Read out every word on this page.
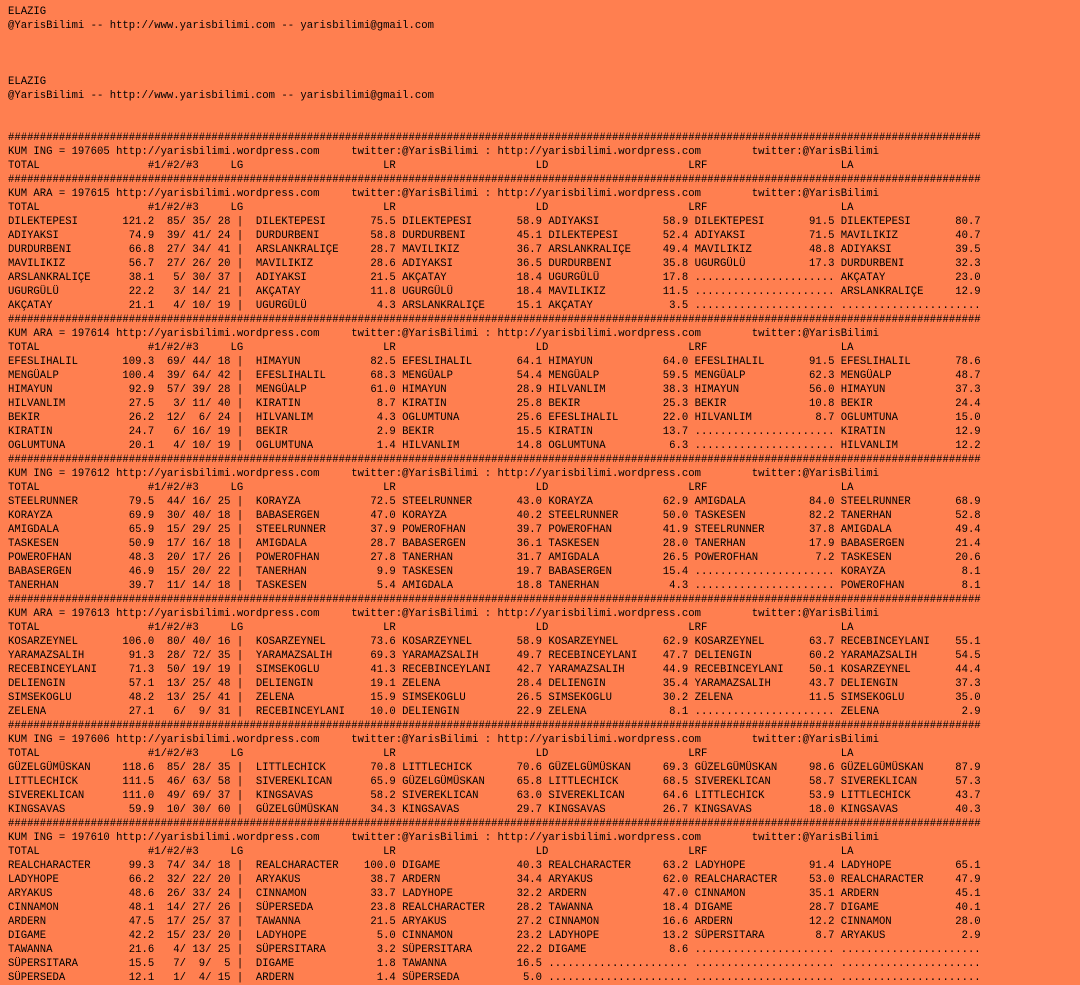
ELAZIG
@YarisBilimi -- http://www.yarisbilimi.com -- yarisbilimi@gmail.com
ELAZIG
@YarisBilimi -- http://www.yarisbilimi.com -- yarisbilimi@gmail.com
#########################################################################################################################################################
KUM ING = 197605 http://yarisbilimi.wordpress.com     twitter:@YarisBilimi : http://yarisbilimi.wordpress.com        twitter:@YarisBilimi
TOTAL                 #1/#2/#3     LG                      LR                      LD                      LRF                     LA
#########################################################################################################################################################
KUM ARA = 197615 http://yarisbilimi.wordpress.com     twitter:@YarisBilimi : http://yarisbilimi.wordpress.com        twitter:@YarisBilimi
TOTAL                 #1/#2/#3     LG                      LR                      LD                      LRF                     LA
DILEKTEPESI       121.2  85/ 35/ 28 |  DILEKTEPESI       75.5 DILEKTEPESI       58.9 ADIYAKSI          58.9 DILEKTEPESI       91.5 DILEKTEPESI       80.7
ADIYAKSI           74.9  39/ 41/ 24 |  DURDURBENI        58.8 DURDURBENI        45.1 DILEKTEPESI       52.4 ADIYAKSI          71.5 MAVILIKIZ         40.7
DURDURBENI         66.8  27/ 34/ 41 |  ARSLANKRALIÇE     28.7 MAVILIKIZ         36.7 ARSLANKRALIÇE     49.4 MAVILIKIZ         48.8 ADIYAKSI          39.5
MAVILIKIZ          56.7  27/ 26/ 20 |  MAVILIKIZ         28.6 ADIYAKSI          36.5 DURDURBENI        35.8 UGURGÜLÜ          17.3 DURDURBENI        32.3
ARSLANKRALIÇE      38.1   5/ 30/ 37 |  ADIYAKSI          21.5 AKÇATAY           18.4 UGURGÜLÜ          17.8 ...................... AKÇATAY           23.0
UGURGÜLÜ           22.2   3/ 14/ 21 |  AKÇATAY           11.8 UGURGÜLÜ          18.4 MAVILIKIZ         11.5 ...................... ARSLANKRALIÇE     12.9
AKÇATAY            21.1   4/ 10/ 19 |  UGURGÜLÜ           4.3 ARSLANKRALIÇE     15.1 AKÇATAY            3.5 ...................... ......................
#########################################################################################################################################################
KUM ARA = 197614 http://yarisbilimi.wordpress.com     twitter:@YarisBilimi : http://yarisbilimi.wordpress.com        twitter:@YarisBilimi
TOTAL                 #1/#2/#3     LG                      LR                      LD                      LRF                     LA
EFESLIHALIL       109.3  69/ 44/ 18 |  HIMAYUN           82.5 EFESLIHALIL       64.1 HIMAYUN           64.0 EFESLIHALIL       91.5 EFESLIHALIL       78.6
MENGÜALP          100.4  39/ 64/ 42 |  EFESLIHALIL       68.3 MENGÜALP          54.4 MENGÜALP          59.5 MENGÜALP          62.3 MENGÜALP          48.7
HIMAYUN            92.9  57/ 39/ 28 |  MENGÜALP          61.0 HIMAYUN           28.9 HILVANLIM         38.3 HIMAYUN           56.0 HIMAYUN           37.3
HILVANLIM          27.5   3/ 11/ 40 |  KIRATIN            8.7 KIRATIN           25.8 BEKIR             25.3 BEKIR             10.8 BEKIR             24.4
BEKIR              26.2  12/  6/ 24 |  HILVANLIM          4.3 OGLUMTUNA         25.6 EFESLIHALIL       22.0 HILVANLIM          8.7 OGLUMTUNA         15.0
KIRATIN            24.7   6/ 16/ 19 |  BEKIR              2.9 BEKIR             15.5 KIRATIN           13.7 ...................... KIRATIN           12.9
OGLUMTUNA          20.1   4/ 10/ 19 |  OGLUMTUNA          1.4 HILVANLIM         14.8 OGLUMTUNA          6.3 ...................... HILVANLIM         12.2
#########################################################################################################################################################
KUM ING = 197612 http://yarisbilimi.wordpress.com     twitter:@YarisBilimi : http://yarisbilimi.wordpress.com        twitter:@YarisBilimi
TOTAL                 #1/#2/#3     LG                      LR                      LD                      LRF                     LA
STEELRUNNER        79.5  44/ 16/ 25 |  KORAYZA           72.5 STEELRUNNER       43.0 KORAYZA           62.9 AMIGDALA          84.0 STEELRUNNER       68.9
KORAYZA            69.9  30/ 40/ 18 |  BABASERGEN        47.0 KORAYZA           40.2 STEELRUNNER       50.0 TASKESEN          82.2 TANERHAN          52.8
AMIGDALA           65.9  15/ 29/ 25 |  STEELRUNNER       37.9 POWEROFHAN        39.7 POWEROFHAN        41.9 STEELRUNNER       37.8 AMIGDALA          49.4
TASKESEN           50.9  17/ 16/ 18 |  AMIGDALA          28.7 BABASERGEN        36.1 TASKESEN          28.0 TANERHAN          17.9 BABASERGEN        21.4
POWEROFHAN         48.3  20/ 17/ 26 |  POWEROFHAN        27.8 TANERHAN          31.7 AMIGDALA          26.5 POWEROFHAN         7.2 TASKESEN          20.6
BABASERGEN         46.9  15/ 20/ 22 |  TANERHAN           9.9 TASKESEN          19.7 BABASERGEN        15.4 ...................... KORAYZA            8.1
TANERHAN           39.7  11/ 14/ 18 |  TASKESEN           5.4 AMIGDALA          18.8 TANERHAN           4.3 ...................... POWEROFHAN         8.1
#########################################################################################################################################################
KUM ARA = 197613 http://yarisbilimi.wordpress.com     twitter:@YarisBilimi : http://yarisbilimi.wordpress.com        twitter:@YarisBilimi
TOTAL                 #1/#2/#3     LG                      LR                      LD                      LRF                     LA
KOSARZEYNEL       106.0  80/ 40/ 16 |  KOSARZEYNEL       73.6 KOSARZEYNEL       58.9 KOSARZEYNEL       62.9 KOSARZEYNEL       63.7 RECEBINCEYLANI    55.1
YARAMAZSALIH       91.3  28/ 72/ 35 |  YARAMAZSALIH      69.3 YARAMAZSALIH      49.7 RECEBINCEYLANI    47.7 DELIENGIN         60.2 YARAMAZSALIH      54.5
RECEBINCEYLANI     71.3  50/ 19/ 19 |  SIMSEKOGLU        41.3 RECEBINCEYLANI    42.7 YARAMAZSALIH      44.9 RECEBINCEYLANI    50.1 KOSARZEYNEL       44.4
DELIENGIN          57.1  13/ 25/ 48 |  DELIENGIN         19.1 ZELENA            28.4 DELIENGIN         35.4 YARAMAZSALIH      43.7 DELIENGIN         37.3
SIMSEKOGLU         48.2  13/ 25/ 41 |  ZELENA            15.9 SIMSEKOGLU        26.5 SIMSEKOGLU        30.2 ZELENA            11.5 SIMSEKOGLU        35.0
ZELENA             27.1   6/  9/ 31 |  RECEBINCEYLANI    10.0 DELIENGIN         22.9 ZELENA             8.1 ...................... ZELENA             2.9
#########################################################################################################################################################
KUM ING = 197606 http://yarisbilimi.wordpress.com     twitter:@YarisBilimi : http://yarisbilimi.wordpress.com        twitter:@YarisBilimi
TOTAL                 #1/#2/#3     LG                      LR                      LD                      LRF                     LA
GÜZELGÜMÜSKAN     118.6  85/ 28/ 35 |  LITTLECHICK       70.8 LITTLECHICK       70.6 GÜZELGÜMÜSKAN     69.3 GÜZELGÜMÜSKAN     98.6 GÜZELGÜMÜSKAN     87.9
LITTLECHICK       111.5  46/ 63/ 58 |  SIVEREKLICAN      65.9 GÜZELGÜMÜSKAN     65.8 LITTLECHICK       68.5 SIVEREKLICAN      58.7 SIVEREKLICAN      57.3
SIVEREKLICAN      111.0  49/ 69/ 37 |  KINGSAVAS         58.2 SIVEREKLICAN      63.0 SIVEREKLICAN      64.6 LITTLECHICK       53.9 LITTLECHICK       43.7
KINGSAVAS          59.9  10/ 30/ 60 |  GÜZELGÜMÜSKAN     34.3 KINGSAVAS         29.7 KINGSAVAS         26.7 KINGSAVAS         18.0 KINGSAVAS         40.3
#########################################################################################################################################################
KUM ING = 197610 http://yarisbilimi.wordpress.com     twitter:@YarisBilimi : http://yarisbilimi.wordpress.com        twitter:@YarisBilimi
TOTAL                 #1/#2/#3     LG                      LR                      LD                      LRF                     LA
REALCHARACTER      99.3  74/ 34/ 18 |  REALCHARACTER    100.0 DIGAME            40.3 REALCHARACTER     63.2 LADYHOPE          91.4 LADYHOPE          65.1
LADYHOPE           66.2  32/ 22/ 20 |  ARYAKUS           38.7 ARDERN            34.4 ARYAKUS           62.0 REALCHARACTER     53.0 REALCHARACTER     47.9
ARYAKUS            48.6  26/ 33/ 24 |  CINNAMON          33.7 LADYHOPE          32.2 ARDERN            47.0 CINNAMON          35.1 ARDERN            45.1
CINNAMON           48.1  14/ 27/ 26 |  SÜPERSEDA         23.8 REALCHARACTER     28.2 TAWANNA           18.4 DIGAME            28.7 DIGAME            40.1
ARDERN             47.5  17/ 25/ 37 |  TAWANNA           21.5 ARYAKUS           27.2 CINNAMON          16.6 ARDERN            12.2 CINNAMON          28.0
DIGAME             42.2  15/ 23/ 20 |  LADYHOPE           5.0 CINNAMON          23.2 LADYHOPE          13.2 SÜPERSITARA        8.7 ARYAKUS            2.9
TAWANNA            21.6   4/ 13/ 25 |  SÜPERSITARA        3.2 SÜPERSITARA       22.2 DIGAME             8.6 ...................... ......................
SÜPERSITARA        15.5   7/  9/  5 |  DIGAME             1.8 TAWANNA           16.5 ...................... ...................... ......................
SÜPERSEDA          12.1   1/  4/ 15 |  ARDERN             1.4 SÜPERSEDA          5.0 ...................... ...................... ......................
